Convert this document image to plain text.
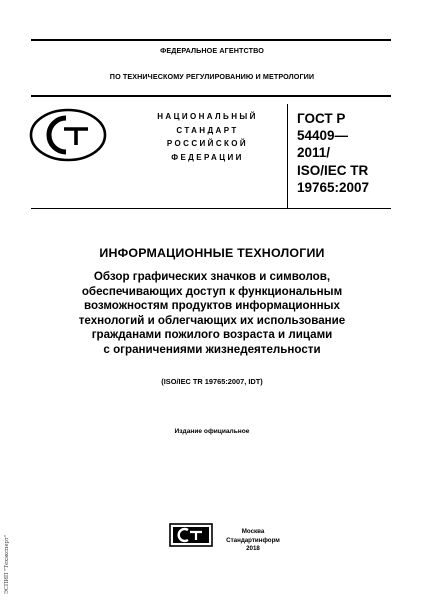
ФЕДЕРАЛЬНОЕ АГЕНТСТВО
ПО ТЕХНИЧЕСКОМУ РЕГУЛИРОВАНИЮ И МЕТРОЛОГИИ
НАЦИОНАЛЬНЫЙ
СТАНДАРТ
РОССИЙСКОЙ
ФЕДЕРАЦИИ
ГОСТ Р
54409—
2011/
ISO/IEC TR
19765:2007
ИНФОРМАЦИОННЫЕ ТЕХНОЛОГИИ
Обзор графических значков и символов,
обеспечивающих доступ к функциональным
возможностям продуктов информационных
технологий и облегчающих их использование
гражданами пожилого возраста и лицами
с ограничениями жизнедеятельности
(ISO/IEC TR 19765:2007, IDT)
Издание официальное
Москва
Стандартинформ
2018
ЭСПИП "Техэксперт"
